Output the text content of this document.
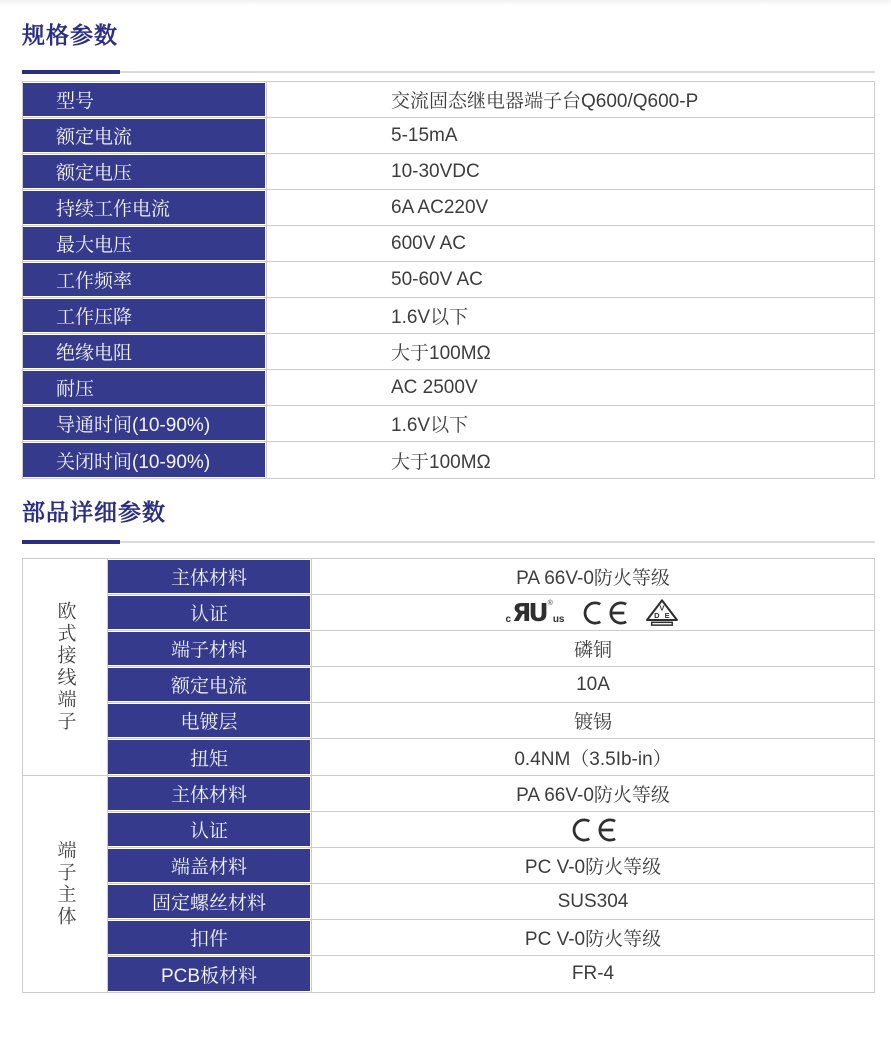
规格参数
型号	交流固态继电器端子台Q600/Q600-P
额定电流	5-15mA
额定电压	10-30VDC
持续工作电流	6A AC220V
最大电压	600V AC
工作频率	50-60V AC
工作压降	1.6V以下
绝缘电阻	大于100MΩ
耐压	AC 2500V
导通时间(10-90%)	1.6V以下
关闭时间(10-90%)	大于100MΩ
部品详细参数
欧式接线端子
主体材料	PA 66V-0防火等级
认证	c ЯU ®
us
V
D E
端子材料	磷铜
额定电流	10A
电镀层	镀锡
扭矩	0.4NM（3.5Ib-in）
端子主体
主体材料	PA 66V-0防火等级
认证
端盖材料	PC V-0防火等级
固定螺丝材料	SUS304
扣件	PC V-0防火等级
PCB板材料	FR-4
